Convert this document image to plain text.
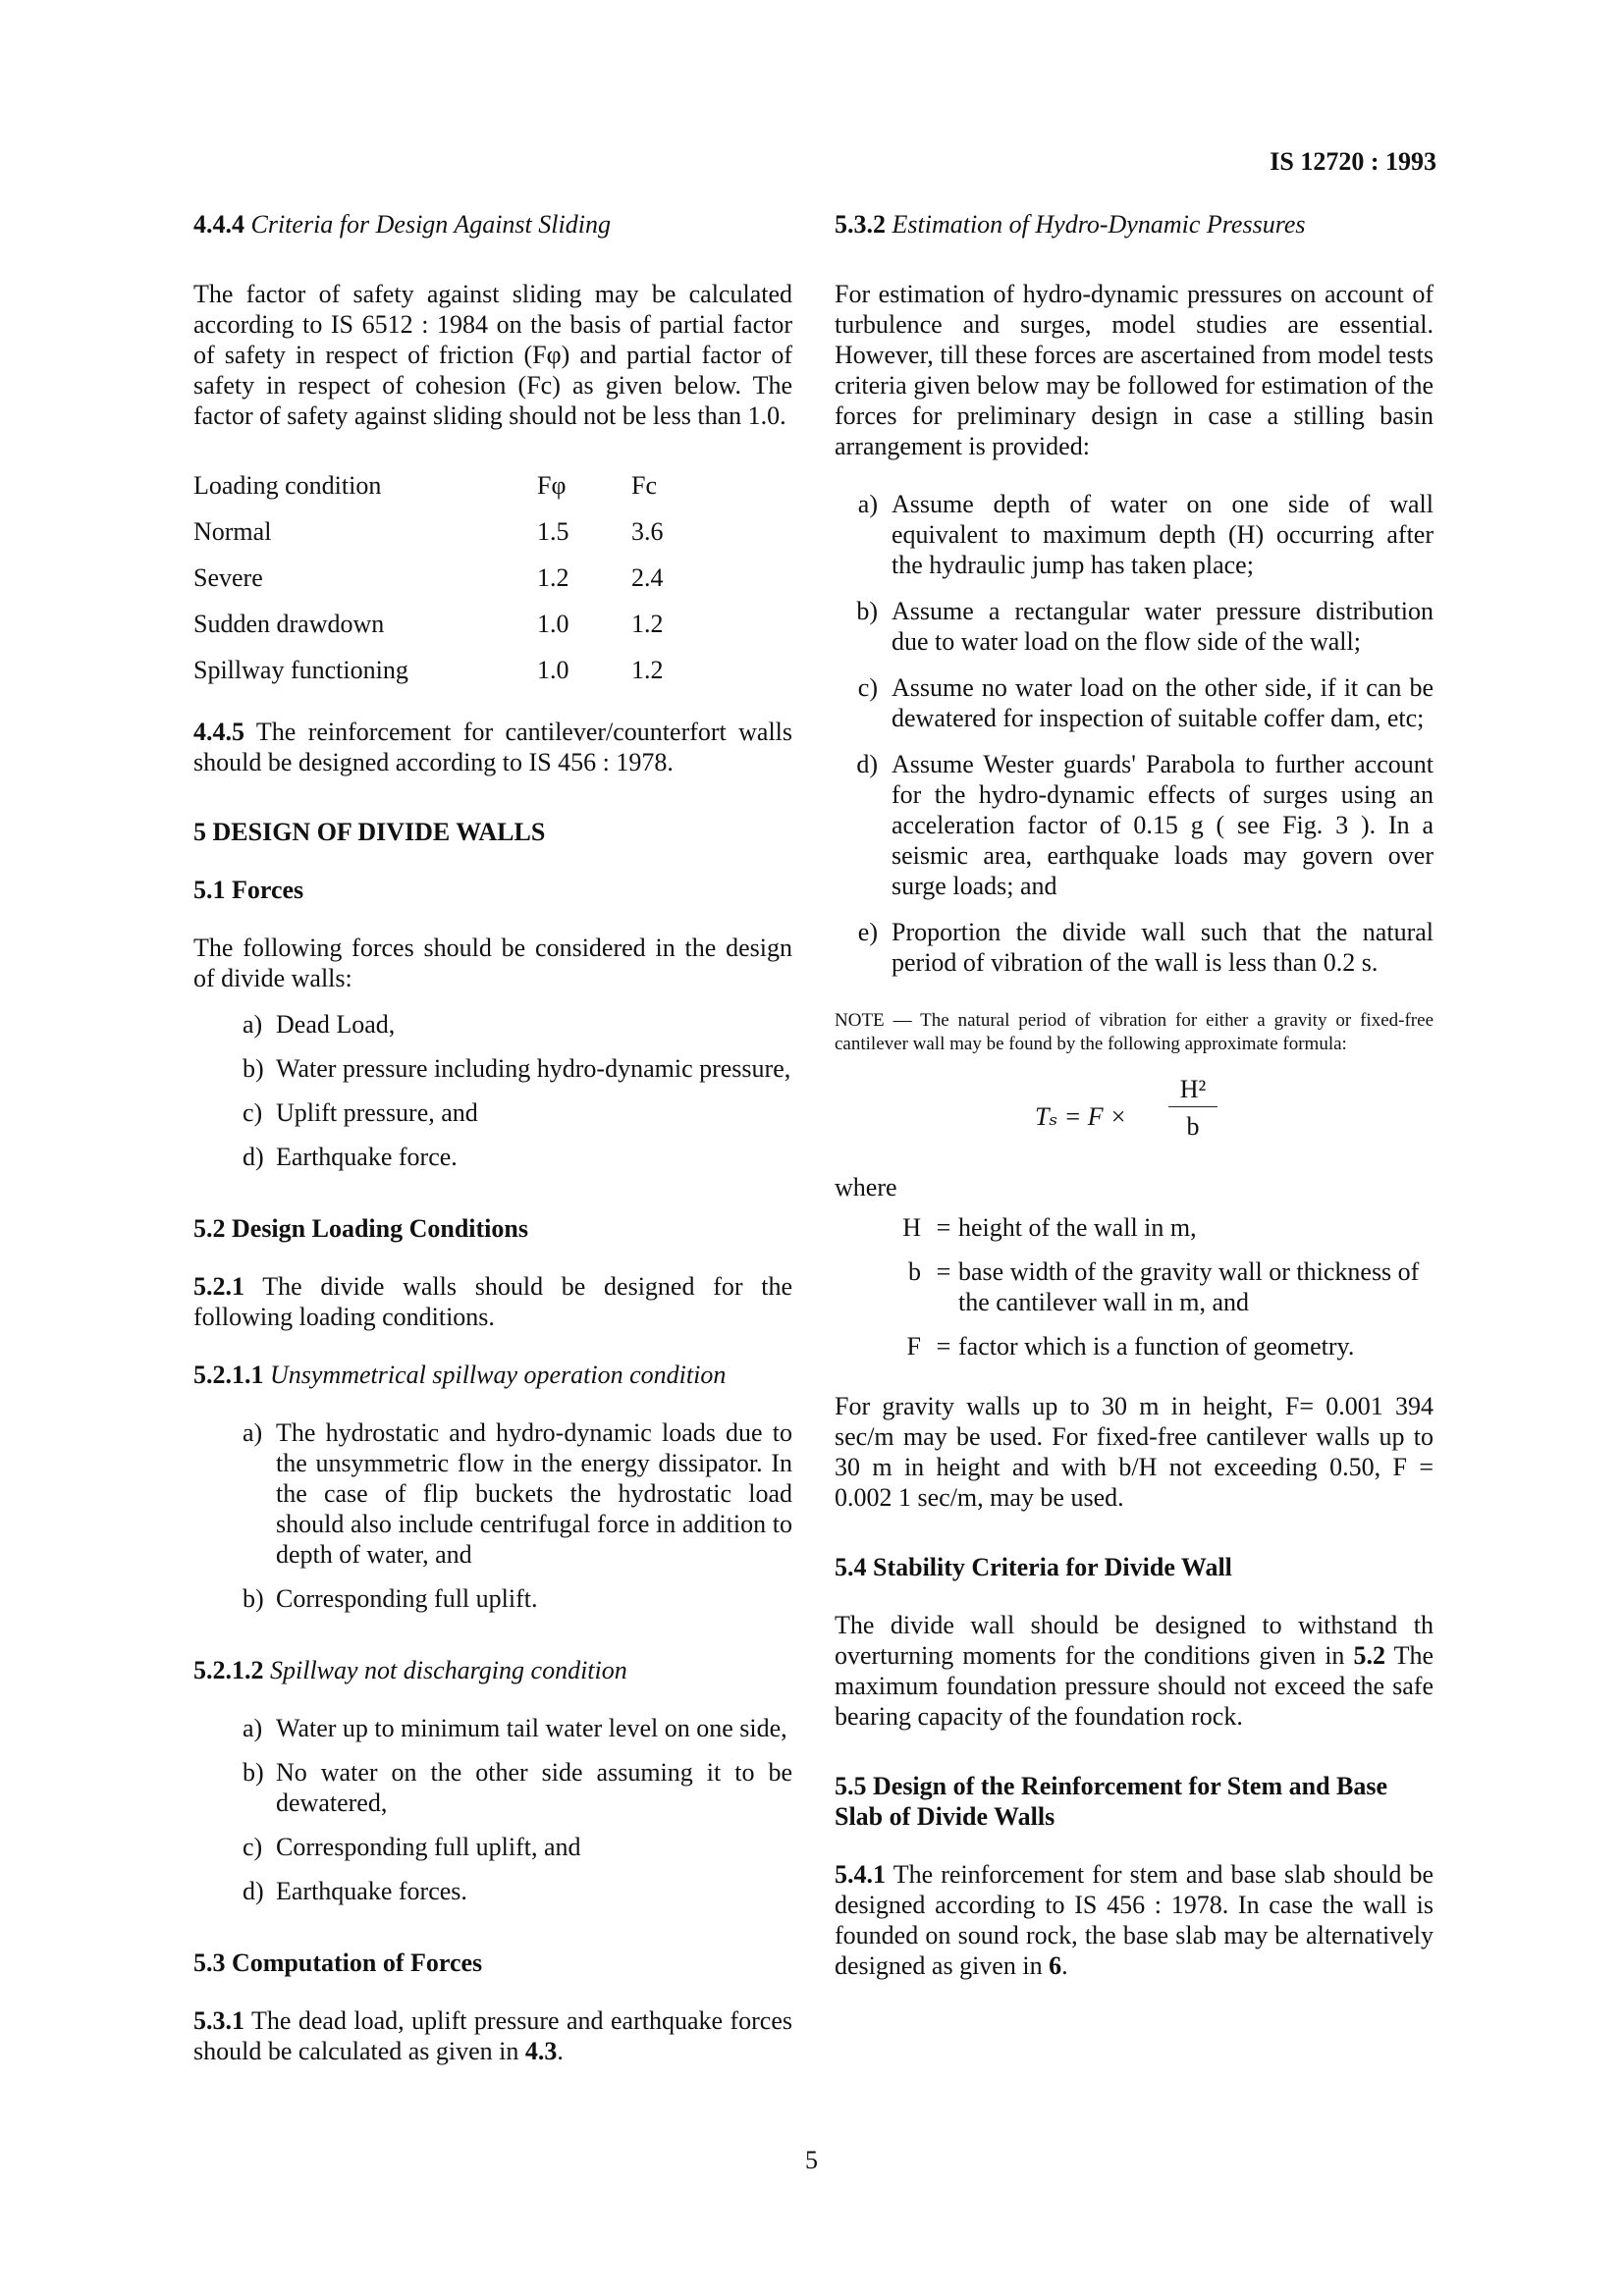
IS 12720 : 1993

4.4.4 Criteria for Design Against Sliding

The factor of safety against sliding may be calculated according to IS 6512 : 1984 on the basis of partial factor of safety in respect of friction (Fφ) and partial factor of safety in respect of cohesion (Fc) as given below. The factor of safety against sliding should not be less than 1.0.

Loading condition	Fφ	Fc
Normal	1.5	3.6
Severe	1.2	2.4
Sudden drawdown	1.0	1.2
Spillway functioning	1.0	1.2

4.4.5 The reinforcement for cantilever/counterfort walls should be designed according to IS 456 : 1978.

5 DESIGN OF DIVIDE WALLS

5.1 Forces

The following forces should be considered in the design of divide walls:

a) Dead Load,
b) Water pressure including hydro-dynamic pressure,
c) Uplift pressure, and
d) Earthquake force.

5.2 Design Loading Conditions

5.2.1 The divide walls should be designed for the following loading conditions.

5.2.1.1 Unsymmetrical spillway operation condition

a) The hydrostatic and hydro-dynamic loads due to the unsymmetric flow in the energy dissipator. In the case of flip buckets the hydrostatic load should also include centrifugal force in addition to depth of water, and
b) Corresponding full uplift.

5.2.1.2 Spillway not discharging condition

a) Water up to minimum tail water level on one side,
b) No water on the other side assuming it to be dewatered,
c) Corresponding full uplift, and
d) Earthquake forces.

5.3 Computation of Forces

5.3.1 The dead load, uplift pressure and earthquake forces should be calculated as given in 4.3.

5.3.2 Estimation of Hydro-Dynamic Pressures

For estimation of hydro-dynamic pressures on account of turbulence and surges, model studies are essential. However, till these forces are ascertained from model tests criteria given below may be followed for estimation of the forces for preliminary design in case a stilling basin arrangement is provided:

a) Assume depth of water on one side of wall equivalent to maximum depth (H) occurring after the hydraulic jump has taken place;
b) Assume a rectangular water pressure distribution due to water load on the flow side of the wall;
c) Assume no water load on the other side, if it can be dewatered for inspection of suitable coffer dam, etc;
d) Assume Wester guards' Parabola to further account for the hydro-dynamic effects of surges using an acceleration factor of 0.15 g ( see Fig. 3 ). In a seismic area, earthquake loads may govern over surge loads; and
e) Proportion the divide wall such that the natural period of vibration of the wall is less than 0.2 s.

NOTE — The natural period of vibration for either a gravity or fixed-free cantilever wall may be found by the following approximate formula:

$T_s = F \times \frac{\text{H²}}{b}$

where

H = height of the wall in m,
b = base width of the gravity wall or thickness of the cantilever wall in m, and
F = factor which is a function of geometry.

For gravity walls up to 30 m in height, F= 0.001 394 sec/m may be used. For fixed-free cantilever walls up to 30 m in height and with b/H not exceeding 0.50, F = 0.002 1 sec/m, may be used.

5.4 Stability Criteria for Divide Wall

The divide wall should be designed to withstand th overturning moments for the conditions given in 5.2 The maximum foundation pressure should not exceed the safe bearing capacity of the foundation rock.

5.5 Design of the Reinforcement for Stem and Base Slab of Divide Walls

5.4.1 The reinforcement for stem and base slab should be designed according to IS 456 : 1978. In case the wall is founded on sound rock, the base slab may be alternatively designed as given in 6.

5
